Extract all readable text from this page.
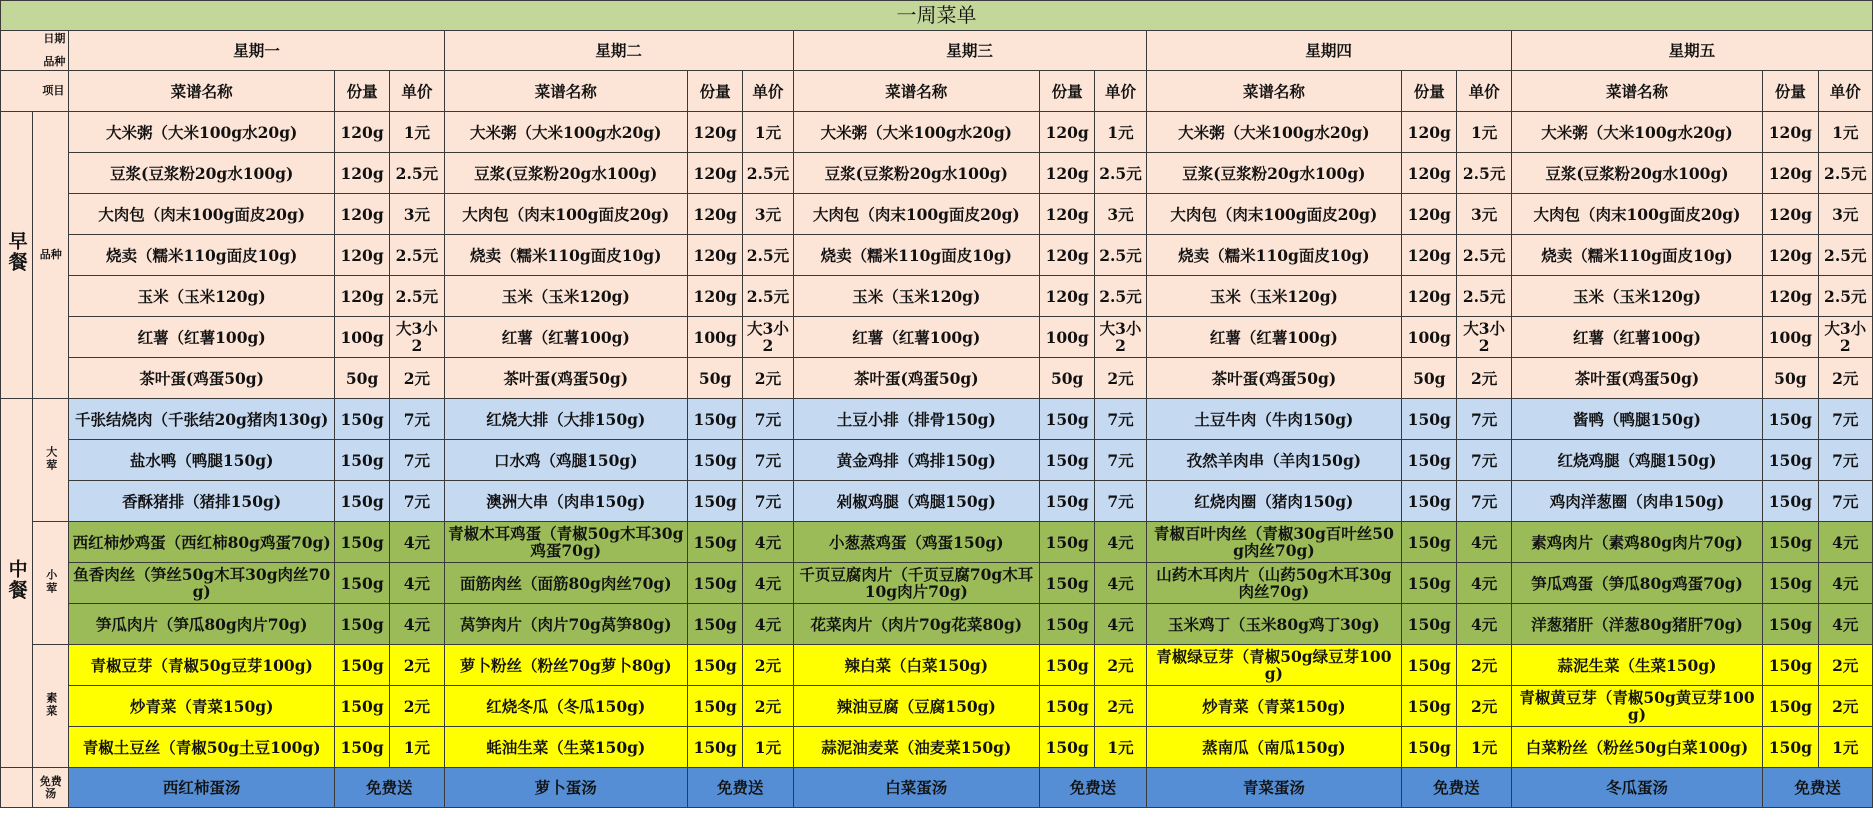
一周菜单																

日期
品种		星期一			星期二			星期三			星期四			星期五		
项目		菜谱名称	份量	单价	菜谱名称	份量	单价	菜谱名称	份量	单价	菜谱名称	份量	单价	菜谱名称	份量	单价
早餐	品种	大米粥（大米100g水20g)	120g	1元	大米粥（大米100g水20g)	120g	1元	大米粥（大米100g水20g)	120g	1元	大米粥（大米100g水20g)	120g	1元	大米粥（大米100g水20g)	120g	1元
		豆浆(豆浆粉20g水100g)	120g	2.5元	豆浆(豆浆粉20g水100g)	120g	2.5元	豆浆(豆浆粉20g水100g)	120g	2.5元	豆浆(豆浆粉20g水100g)	120g	2.5元	豆浆(豆浆粉20g水100g)	120g	2.5元
		大肉包（肉末100g面皮20g)	120g	3元	大肉包（肉末100g面皮20g)	120g	3元	大肉包（肉末100g面皮20g)	120g	3元	大肉包（肉末100g面皮20g)	120g	3元	大肉包（肉末100g面皮20g)	120g	3元
		烧卖（糯米110g面皮10g)	120g	2.5元	烧卖（糯米110g面皮10g)	120g	2.5元	烧卖（糯米110g面皮10g)	120g	2.5元	烧卖（糯米110g面皮10g)	120g	2.5元	烧卖（糯米110g面皮10g)	120g	2.5元
		玉米（玉米120g)	120g	2.5元	玉米（玉米120g)	120g	2.5元	玉米（玉米120g)	120g	2.5元	玉米（玉米120g)	120g	2.5元	玉米（玉米120g)	120g	2.5元
		红薯（红薯100g)	100g	大3小2	红薯（红薯100g)	100g	大3小2	红薯（红薯100g)	100g	大3小2	红薯（红薯100g)	100g	大3小2	红薯（红薯100g)	100g	大3小2
		茶叶蛋(鸡蛋50g)	50g	2元	茶叶蛋(鸡蛋50g)	50g	2元	茶叶蛋(鸡蛋50g)	50g	2元	茶叶蛋(鸡蛋50g)	50g	2元	茶叶蛋(鸡蛋50g)	50g	2元
中餐	大荤	千张结烧肉（千张结20g猪肉130g)	150g	7元	红烧大排（大排150g)	150g	7元	土豆小排（排骨150g)	150g	7元	土豆牛肉（牛肉150g)	150g	7元	酱鸭（鸭腿150g)	150g	7元
		盐水鸭（鸭腿150g)	150g	7元	口水鸡（鸡腿150g)	150g	7元	黄金鸡排（鸡排150g)	150g	7元	孜然羊肉串（羊肉150g)	150g	7元	红烧鸡腿（鸡腿150g)	150g	7元
		香酥猪排（猪排150g)	150g	7元	澳洲大串（肉串150g)	150g	7元	剁椒鸡腿（鸡腿150g)	150g	7元	红烧肉圈（猪肉150g)	150g	7元	鸡肉洋葱圈（肉串150g)	150g	7元
	小荤	西红柿炒鸡蛋（西红柿80g鸡蛋70g)	150g	4元	青椒木耳鸡蛋（青椒50g木耳30g鸡蛋70g)	150g	4元	小葱蒸鸡蛋（鸡蛋150g)	150g	4元	青椒百叶肉丝（青椒30g百叶丝50g肉丝70g)	150g	4元	素鸡肉片（素鸡80g肉片70g)	150g	4元
		鱼香肉丝（笋丝50g木耳30g肉丝70g)	150g	4元	面筋肉丝（面筋80g肉丝70g)	150g	4元	千页豆腐肉片（千页豆腐70g木耳10g肉片70g)	150g	4元	山药木耳肉片（山药50g木耳30g肉丝70g)	150g	4元	笋瓜鸡蛋（笋瓜80g鸡蛋70g)	150g	4元
		笋瓜肉片（笋瓜80g肉片70g)	150g	4元	莴笋肉片（肉片70g莴笋80g)	150g	4元	花菜肉片（肉片70g花菜80g)	150g	4元	玉米鸡丁（玉米80g鸡丁30g)	150g	4元	洋葱猪肝（洋葱80g猪肝70g)	150g	4元
	素菜	青椒豆芽（青椒50g豆芽100g)	150g	2元	萝卜粉丝（粉丝70g萝卜80g)	150g	2元	辣白菜（白菜150g)	150g	2元	青椒绿豆芽（青椒50g绿豆芽100g)	150g	2元	蒜泥生菜（生菜150g)	150g	2元
		炒青菜（青菜150g)	150g	2元	红烧冬瓜（冬瓜150g)	150g	2元	辣油豆腐（豆腐150g)	150g	2元	炒青菜（青菜150g)	150g	2元	青椒黄豆芽（青椒50g黄豆芽100g)	150g	2元
		青椒土豆丝（青椒50g土豆100g)	150g	1元	蚝油生菜（生菜150g)	150g	1元	蒜泥油麦菜（油麦菜150g)	150g	1元	蒸南瓜（南瓜150g)	150g	1元	白菜粉丝（粉丝50g白菜100g)	150g	1元
	免费汤	西红柿蛋汤	免费送		萝卜蛋汤	免费送		白菜蛋汤	免费送		青菜蛋汤	免费送		冬瓜蛋汤	免费送	
